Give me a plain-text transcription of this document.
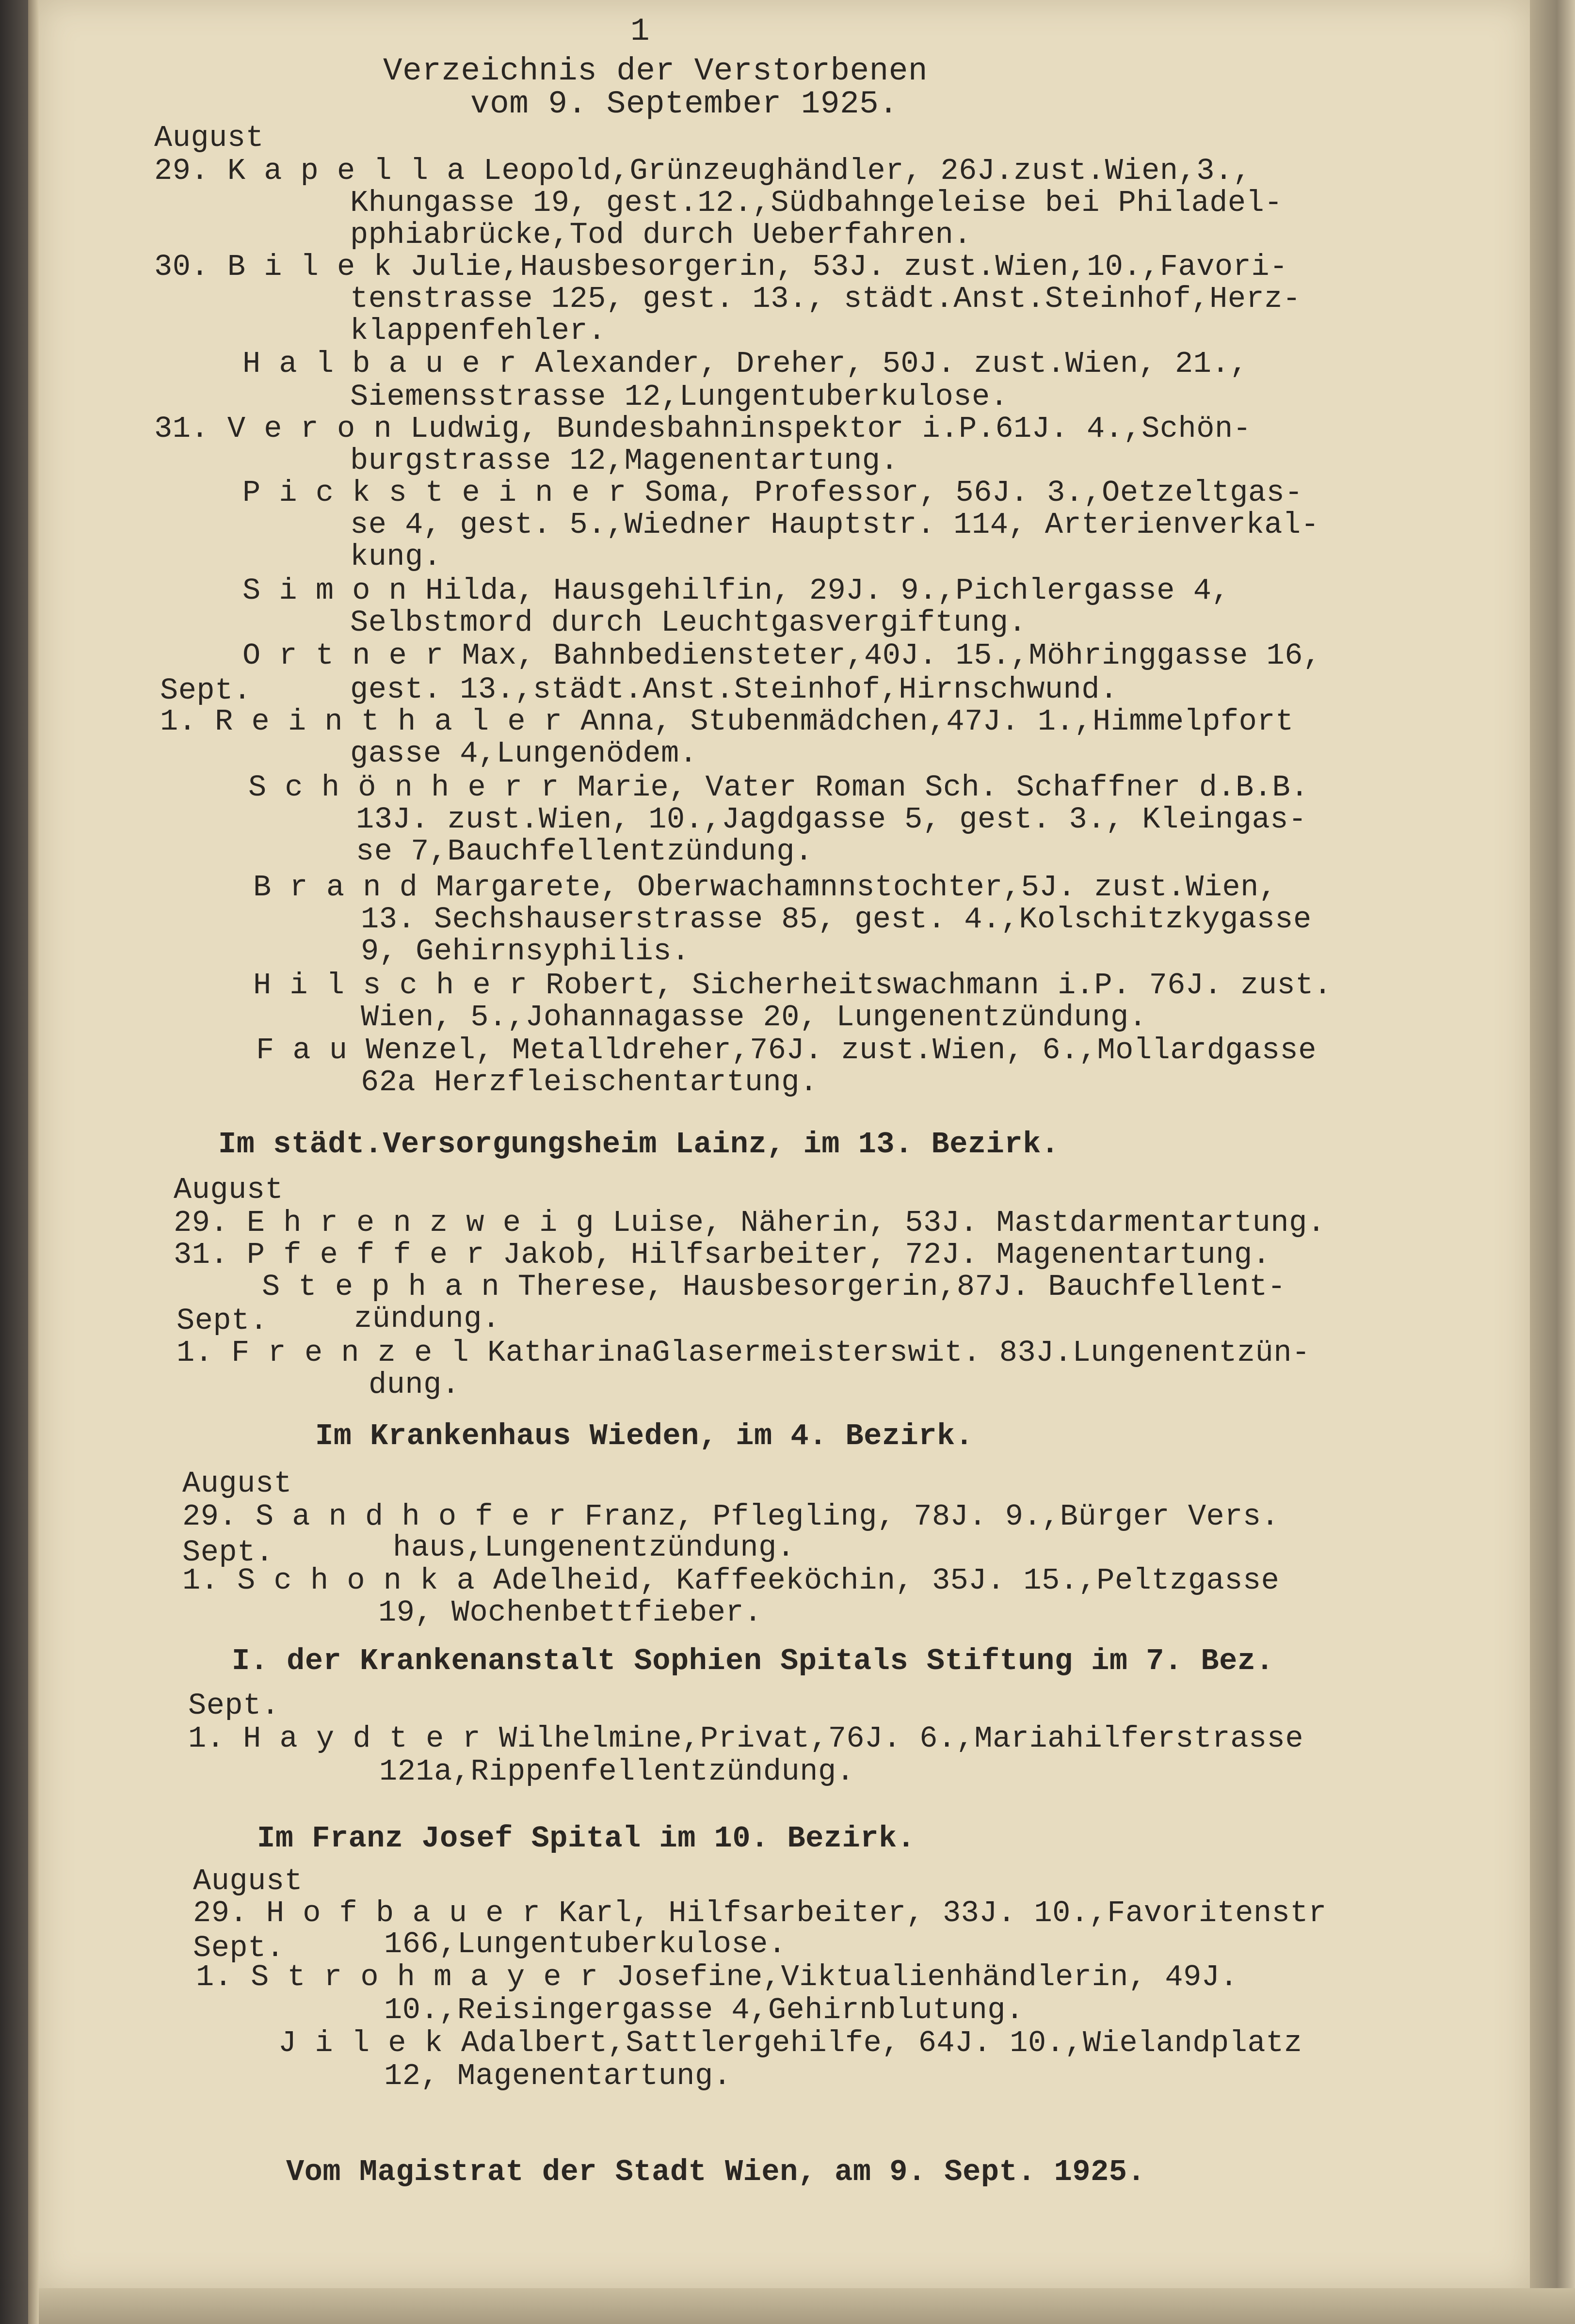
1

Verzeichnis der Verstorbenen

vom 9. September 1925.

August

29. K a p e l l a Leopold,Grünzeughändler, 26J.zust.Wien,3.,

Khungasse 19, gest.12.,Südbahngeleise bei Philadel-

pphiabrücke,Tod durch Ueberfahren.

30. B i l e k Julie,Hausbesorgerin, 53J. zust.Wien,10.,Favori-

tenstrasse 125, gest. 13., städt.Anst.Steinhof,Herz-

klappenfehler.

H a l b a u e r Alexander, Dreher, 50J. zust.Wien, 21.,

Siemensstrasse 12,Lungentuberkulose.

31. V e r o n Ludwig, Bundesbahninspektor i.P.61J. 4.,Schön-

burgstrasse 12,Magenentartung.

P i c k s t e i n e r Soma, Professor, 56J. 3.,Oetzeltgas-

se 4, gest. 5.,Wiedner Hauptstr. 114, Arterienverkal-

kung.

S i m o n Hilda, Hausgehilfin, 29J. 9.,Pichlergasse 4,

Selbstmord durch Leuchtgasvergiftung.

O r t n e r Max, Bahnbediensteter,40J. 15.,Möhringgasse 16,

Sept.	gest. 13.,städt.Anst.Steinhof,Hirnschwund.

1. R e i n t h a l e r Anna, Stubenmädchen,47J. 1.,Himmelpfort

gasse 4,Lungenödem.

S c h ö n h e r r Marie, Vater Roman Sch. Schaffner d.B.B.

13J. zust.Wien, 10.,Jagdgasse 5, gest. 3., Kleingas-

se 7,Bauchfellentzündung.

B r a n d Margarete, Oberwachamnnstochter,5J. zust.Wien,

13. Sechshauserstrasse 85, gest. 4.,Kolschitzkygasse

9, Gehirnsyphilis.

H i l s c h e r Robert, Sicherheitswachmann i.P. 76J. zust.

Wien, 5.,Johannagasse 20, Lungenentzündung.

F a u Wenzel, Metalldreher,76J. zust.Wien, 6.,Mollardgasse

62a Herzfleischentartung.

Im städt.Versorgungsheim Lainz, im 13. Bezirk.

August

29. E h r e n z w e i g Luise, Näherin, 53J. Mastdarmentartung.

31. P f e f f e r Jakob, Hilfsarbeiter, 72J. Magenentartung.

S t e p h a n Therese, Hausbesorgerin,87J. Bauchfellent-

Sept.	zündung.

1. F r e n z e l KatharinaGlasermeisterswit. 83J.Lungenentzün-

dung.

Im Krankenhaus Wieden, im 4. Bezirk.

August

29. S a n d h o f e r Franz, Pflegling, 78J. 9.,Bürger Vers.

Sept.	haus,Lungenentzündung.

1. S c h o n k a Adelheid, Kaffeeköchin, 35J. 15.,Peltzgasse

19, Wochenbettfieber.

I. der Krankenanstalt Sophien Spitals Stiftung im 7. Bez.

Sept.

1. H a y d t e r Wilhelmine,Privat,76J. 6.,Mariahilferstrasse

121a,Rippenfellentzündung.

Im Franz Josef Spital im 10. Bezirk.

August

29. H o f b a u e r Karl, Hilfsarbeiter, 33J. 10.,Favoritenstr

Sept.	166,Lungentuberkulose.

1. S t r o h m a y e r Josefine,Viktualienhändlerin, 49J.

10.,Reisingergasse 4,Gehirnblutung.

J i l e k Adalbert,Sattlergehilfe, 64J. 10.,Wielandplatz

12, Magenentartung.

Vom Magistrat der Stadt Wien, am 9. Sept. 1925.
